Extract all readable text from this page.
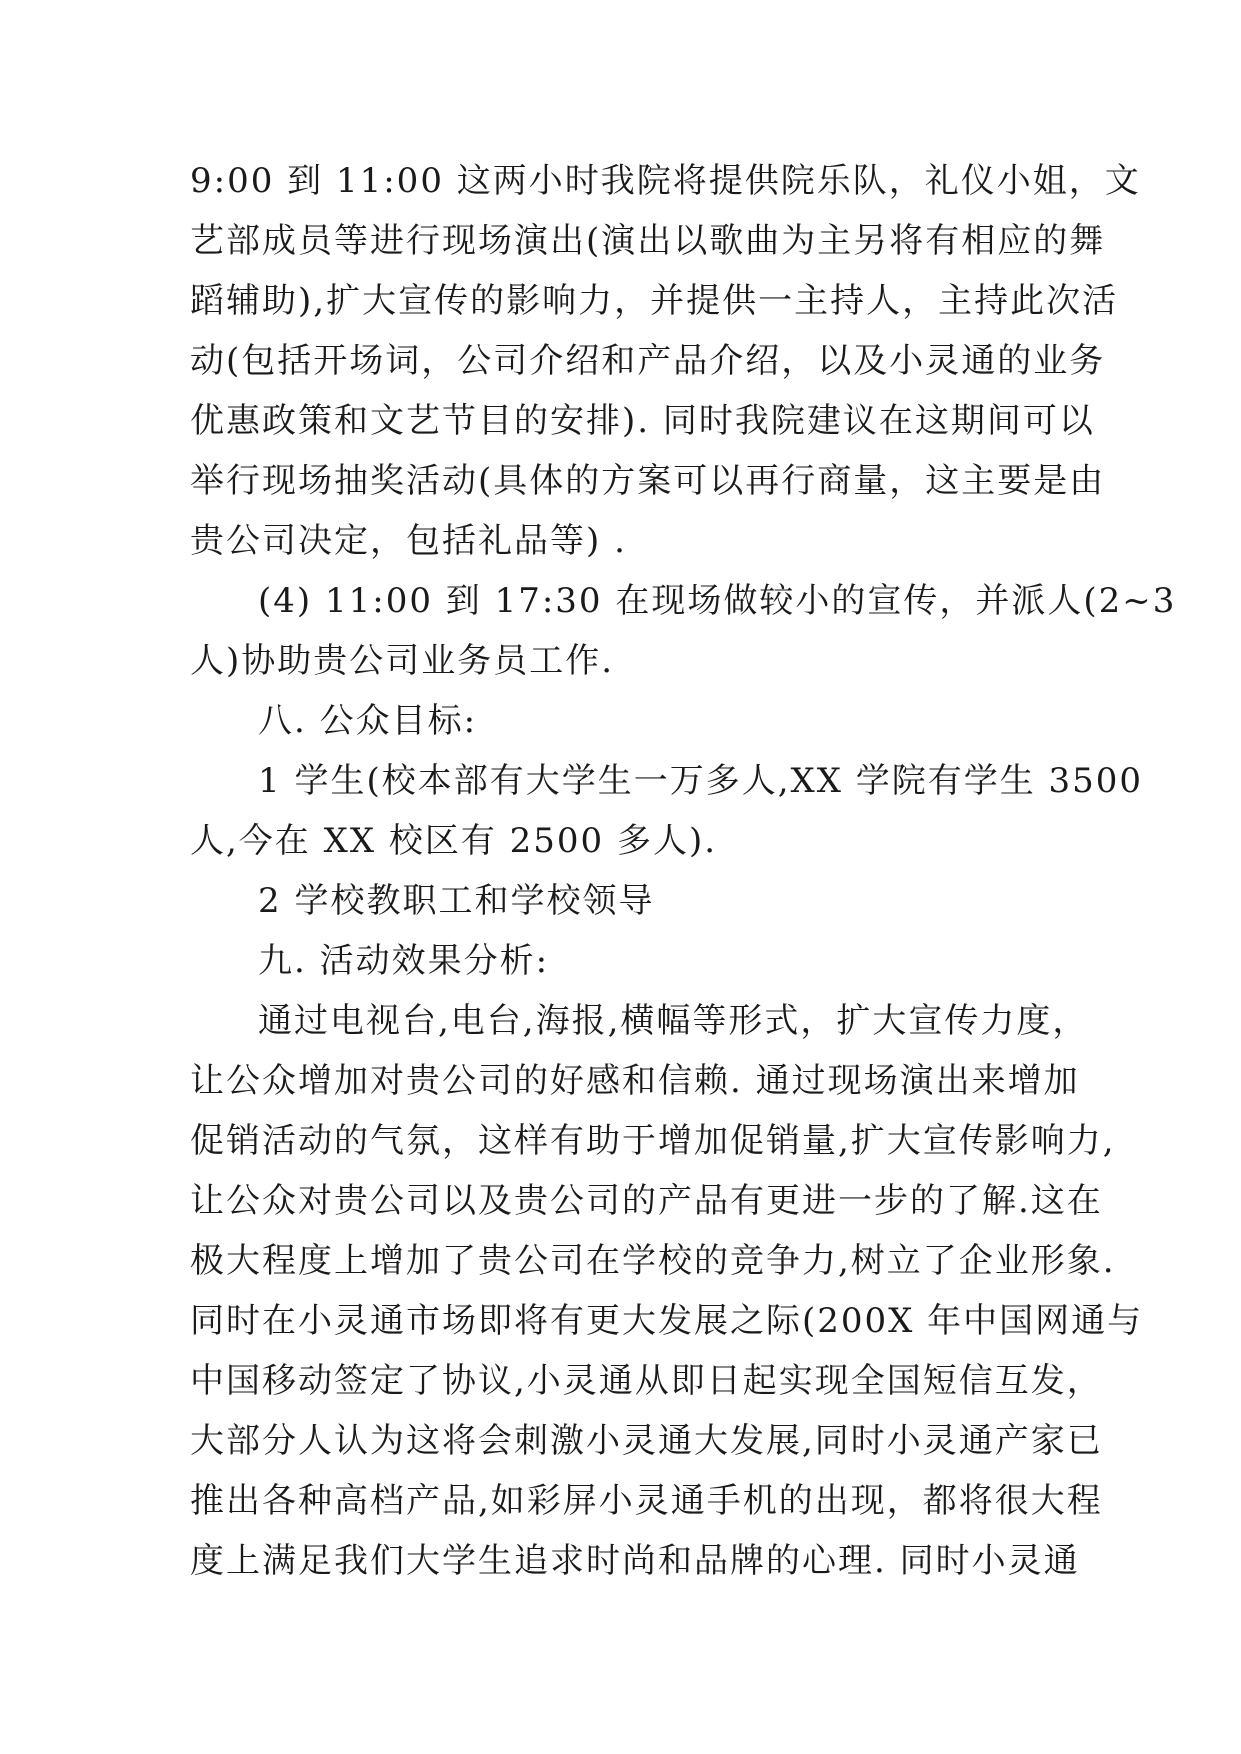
9:00 到 11:00 这两小时我院将提供院乐队，礼仪小姐，文
艺部成员等进行现场演出(演出以歌曲为主另将有相应的舞
蹈辅助),扩大宣传的影响力，并提供一主持人，主持此次活
动(包括开场词，公司介绍和产品介绍，以及小灵通的业务
优惠政策和文艺节目的安排). 同时我院建议在这期间可以
举行现场抽奖活动(具体的方案可以再行商量，这主要是由
贵公司决定，包括礼品等) .
(4) 11:00 到 17:30 在现场做较小的宣传，并派人(2~3
人)协助贵公司业务员工作.
八. 公众目标:
1 学生(校本部有大学生一万多人,XX 学院有学生 3500
人,今在 XX 校区有 2500 多人).
2 学校教职工和学校领导
九. 活动效果分析:
通过电视台,电台,海报,横幅等形式，扩大宣传力度，
让公众增加对贵公司的好感和信赖. 通过现场演出来增加
促销活动的气氛，这样有助于增加促销量,扩大宣传影响力,
让公众对贵公司以及贵公司的产品有更进一步的了解.这在
极大程度上增加了贵公司在学校的竞争力,树立了企业形象.
同时在小灵通市场即将有更大发展之际(200X 年中国网通与
中国移动签定了协议,小灵通从即日起实现全国短信互发，
大部分人认为这将会刺激小灵通大发展,同时小灵通产家已
推出各种高档产品,如彩屏小灵通手机的出现，都将很大程
度上满足我们大学生追求时尚和品牌的心理. 同时小灵通
